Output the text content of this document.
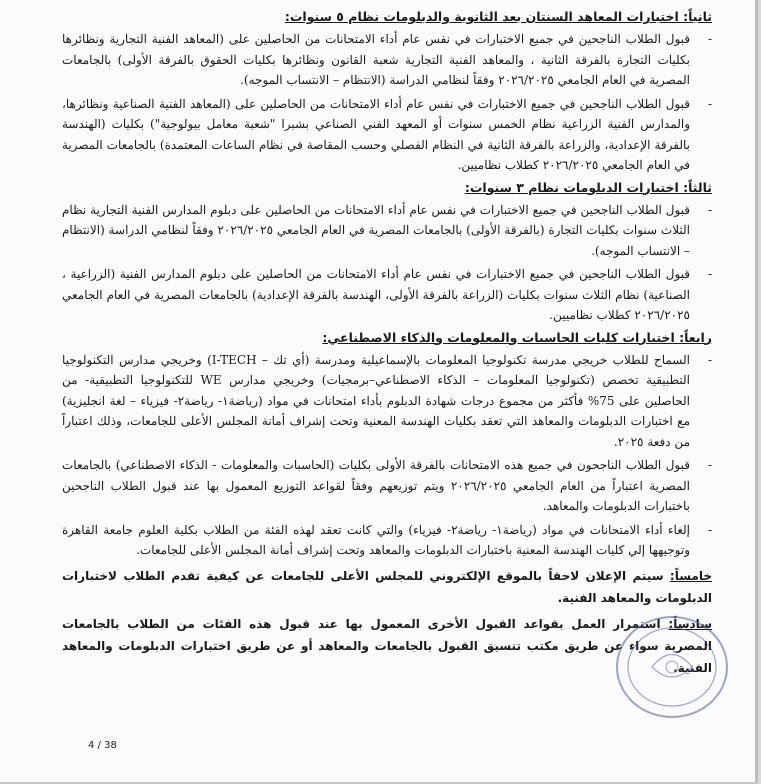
ثانياً: اختبارات المعاهد السنتان بعد الثانوية والدبلومات نظام ٥ سنوات:
-
قبول الطلاب الناجحين في جميع الاختبارات في نفس عام أداء الامتحانات من الحاصلين على (المعاهد الفنية التجارية ونظائرها بكليات التجارة بالفرقة الثانية ، والمعاهد الفنية التجارية شعبة القانون ونظائرها بكليات الحقوق بالفرقة الأولى) بالجامعات المصرية في العام الجامعي ٢٠٢٦/٢٠٢٥ وفقاً لنظامي الدراسة (الانتظام – الانتساب الموجه).
-
قبول الطلاب الناجحين في جميع الاختبارات في نفس عام أداء الامتحانات من الحاصلين على (المعاهد الفنية الصناعية ونظائرها، والمدارس الفنية الزراعية نظام الخمس سنوات أو المعهد الفني الصناعي بشبرا "شعبة معامل بيولوجية") بكليات (الهندسة بالفرقة الإعدادية، والزراعة بالفرقة الثانية في النظام الفصلي وحسب المقاصة في نظام الساعات المعتمدة) بالجامعات المصرية في العام الجامعي ٢٠٢٦/٢٠٢٥ كطلاب نظاميين.
ثالثاً: اختبارات الدبلومات نظام ٣ سنوات:
-
قبول الطلاب الناجحين في جميع الاختبارات في نفس عام أداء الامتحانات من الحاصلين على دبلوم المدارس الفنية التجارية نظام الثلاث سنوات بكليات التجارة (بالفرقة الأولى) بالجامعات المصرية في العام الجامعي ٢٠٢٦/٢٠٢٥ وفقاً لنظامي الدراسة (الانتظام – الانتساب الموجه).
-
قبول الطلاب الناجحين في جميع الاختبارات في نفس عام أداء الامتحانات من الحاصلين على دبلوم المدارس الفنية (الزراعية ، الصناعية) نظام الثلاث سنوات بكليات (الزراعة بالفرقة الأولى، الهندسة بالفرقة الإعدادية) بالجامعات المصرية في العام الجامعي ٢٠٢٦/٢٠٢٥ كطلاب نظاميين.
رابعاً: اختبارات كليات الحاسبات والمعلومات والذكاء الاصطناعي:
-
السماح للطلاب خريجي مدرسة تكنولوجيا المعلومات بالإسماعيلية ومدرسة (أي تك – I-TECH) وخريجي مدارس التكنولوجيا التطبيقية تخصص (تكنولوجيا المعلومات – الذكاء الاصطناعي–برمجيات) وخريجي مدارس WE للتكنولوجيا التطبيقية- من الحاصلين على 75% فأكثر من مجموع درجات شهادة الدبلوم بأداء امتحانات في مواد (رياضة١- رياضة٢- فيزياء – لغة انجليزية) مع اختبارات الدبلومات والمعاهد التي تعقد بكليات الهندسة المعنية وتحت إشراف أمانة المجلس الأعلى للجامعات، وذلك اعتباراً من دفعة ٢٠٢٥.
-
قبول الطلاب الناجحون في جميع هذه الامتحانات بالفرقة الأولى بكليات (الحاسبات والمعلومات - الذكاء الاصطناعي) بالجامعات المصرية اعتباراً من العام الجامعي ٢٠٢٦/٢٠٢٥ ويتم توزيعهم وفقاً لقواعد التوزيع المعمول بها عند قبول الطلاب الناجحين باختبارات الدبلومات والمعاهد.
-
إلغاء أداء الامتحانات في مواد (رياضة١- رياضة٢- فيزياء) والتي كانت تعقد لهذه الفئة من الطلاب بكلية العلوم جامعة القاهرة وتوجيهها إلي كليات الهندسة المعنية باختبارات الدبلومات والمعاهد وتحت إشراف أمانة المجلس الأعلى للجامعات.
خامساً: سيتم الإعلان لاحقاً بالموقع الإلكتروني للمجلس الأعلى للجامعات عن كيفية تقدم الطلاب لاختبارات الدبلومات والمعاهد الفنية.
سادساً: استمرار العمل بقواعد القبول الأخرى المعمول بها عند قبول هذه الفئات من الطلاب بالجامعات المصرية سواء عن طريق مكتب تنسيق القبول بالجامعات والمعاهد أو عن طريق اختبارات الدبلومات والمعاهد الفنية.
4 / 38
